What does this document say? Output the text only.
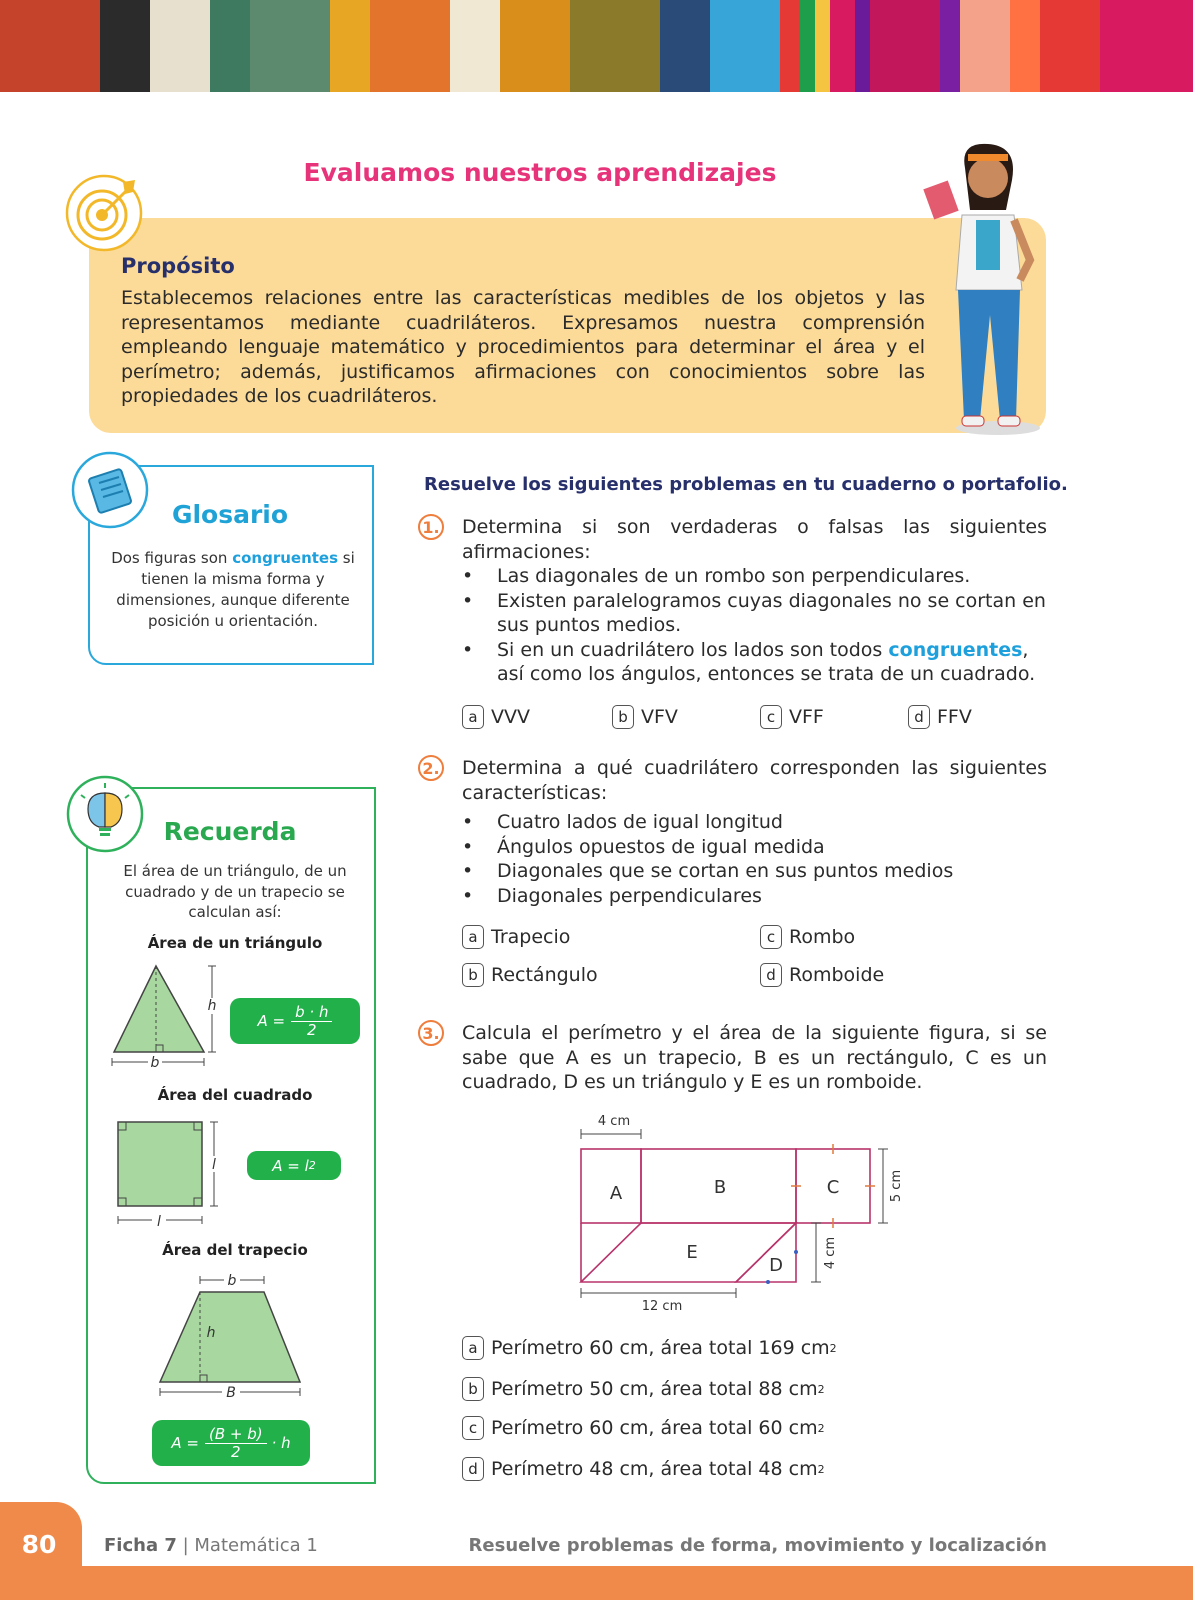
Evaluamos nuestros aprendizajes
Propósito
Establecemos relaciones entre las características medibles de los objetos y las representamos mediante cuadriláteros. Expresamos nuestra comprensión empleando lenguaje matemático y procedimientos para determinar el área y el perímetro; además, justificamos afirmaciones con conocimientos sobre las propiedades de los cuadriláteros.
Glosario
Dos figuras son congruentes si tienen la misma forma y dimensiones, aunque diferente posición u orientación.
Recuerda
El área de un triángulo, de un cuadrado y de un trapecio se calculan así:
Área de un triángulo
h
b
$A = \frac{b \cdot h}{2}$
Área del cuadrado
l
l
A = l 2
Área del trapecio
b
h
B
$A = \frac{(B + b)}{2} \cdot h$
Resuelve los siguientes problemas en tu cuaderno o portafolio.
1. Determina si son verdaderas o falsas las siguientes afirmaciones:
• Las diagonales de un rombo son perpendiculares.
• Existen paralelogramos cuyas diagonales no se cortan en sus puntos medios.
• Si en un cuadrilátero los lados son todos congruentes, así como los ángulos, entonces se trata de un cuadrado.
a VVV	b VFV	c VFF	d FFV
2. Determina a qué cuadrilátero corresponden las siguientes características:
• Cuatro lados de igual longitud
• Ángulos opuestos de igual medida
• Diagonales que se cortan en sus puntos medios
• Diagonales perpendiculares
a Trapecio
b Rectángulo
c Rombo
d Romboide
3. Calcula el perímetro y el área de la siguiente figura, si se sabe que A es un trapecio, B es un rectángulo, C es un cuadrado, D es un triángulo y E es un romboide.
4 cm
A	B	C
D
E
5 cm
4 cm
12 cm
a Perímetro 60 cm, área total 169 cm 2
b Perímetro 50 cm, área total 88 cm 2
c Perímetro 60 cm, área total 60 cm 2
d Perímetro 48 cm, área total 48 cm 2
80	Ficha 7 | Matemática 1	Resuelve problemas de forma, movimiento y localización
